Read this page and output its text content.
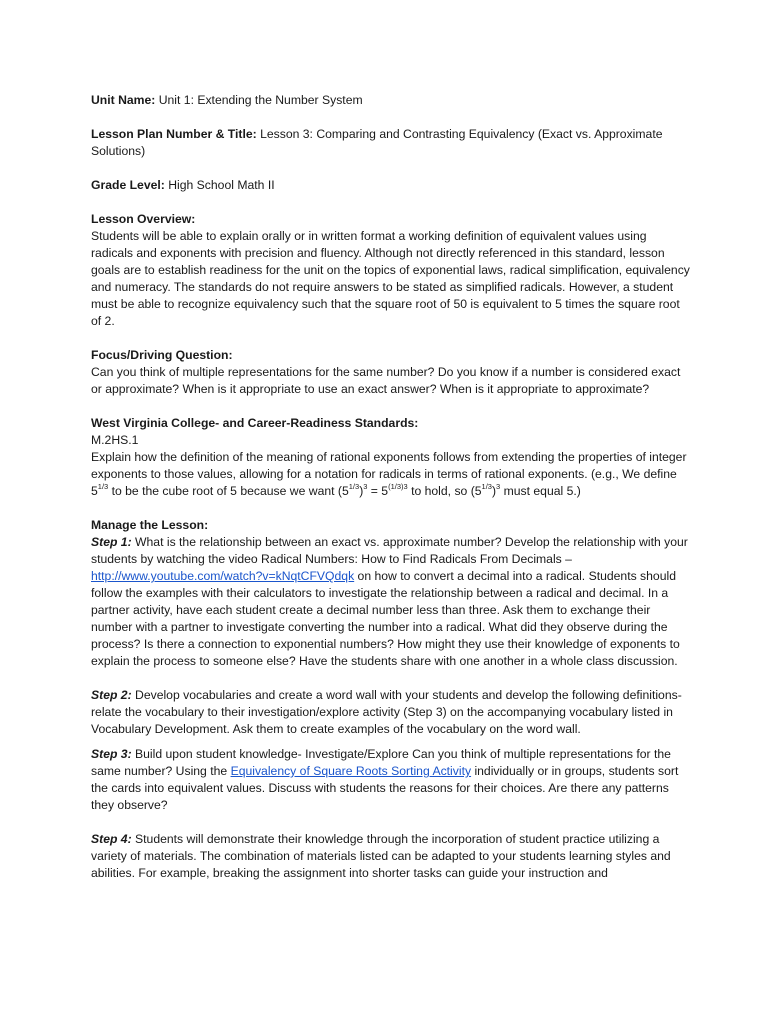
Unit Name: Unit 1: Extending the Number System

Lesson Plan Number & Title: Lesson 3: Comparing and Contrasting Equivalency (Exact vs. Approximate Solutions)

Grade Level: High School Math II

Lesson Overview:

Students will be able to explain orally or in written format a working definition of equivalent values using radicals and exponents with precision and fluency. Although not directly referenced in this standard, lesson goals are to establish readiness for the unit on the topics of exponential laws, radical simplification, equivalency and numeracy. The standards do not require answers to be stated as simplified radicals. However, a student must be able to recognize equivalency such that the square root of 50 is equivalent to 5 times the square root of 2.

Focus/Driving Question:

Can you think of multiple representations for the same number? Do you know if a number is considered exact or approximate? When is it appropriate to use an exact answer? When is it appropriate to approximate?

West Virginia College- and Career-Readiness Standards:

M.2HS.1

Explain how the definition of the meaning of rational exponents follows from extending the properties of integer exponents to those values, allowing for a notation for radicals in terms of rational exponents. (e.g., We define $5^{1/3}$ to be the cube root of 5 because we want $(5^{1/3})^3 = 5^{(1/3)3}$ to hold, so $(5^{1/3})^3$ must equal 5.)

Manage the Lesson:

Step 1: What is the relationship between an exact vs. approximate number? Develop the relationship with your students by watching the video Radical Numbers: How to Find Radicals From Decimals – http://www.youtube.com/watch?v=kNqtCFVQdqk on how to convert a decimal into a radical. Students should follow the examples with their calculators to investigate the relationship between a radical and decimal. In a partner activity, have each student create a decimal number less than three. Ask them to exchange their number with a partner to investigate converting the number into a radical. What did they observe during the process? Is there a connection to exponential numbers? How might they use their knowledge of exponents to explain the process to someone else? Have the students share with one another in a whole class discussion.

Step 2: Develop vocabularies and create a word wall with your students and develop the following definitions-relate the vocabulary to their investigation/explore activity (Step 3) on the accompanying vocabulary listed in Vocabulary Development. Ask them to create examples of the vocabulary on the word wall.

Step 3: Build upon student knowledge- Investigate/Explore Can you think of multiple representations for the same number? Using the Equivalency of Square Roots Sorting Activity individually or in groups, students sort the cards into equivalent values. Discuss with students the reasons for their choices. Are there any patterns they observe?

Step 4: Students will demonstrate their knowledge through the incorporation of student practice utilizing a variety of materials. The combination of materials listed can be adapted to your students learning styles and abilities. For example, breaking the assignment into shorter tasks can guide your instruction and
